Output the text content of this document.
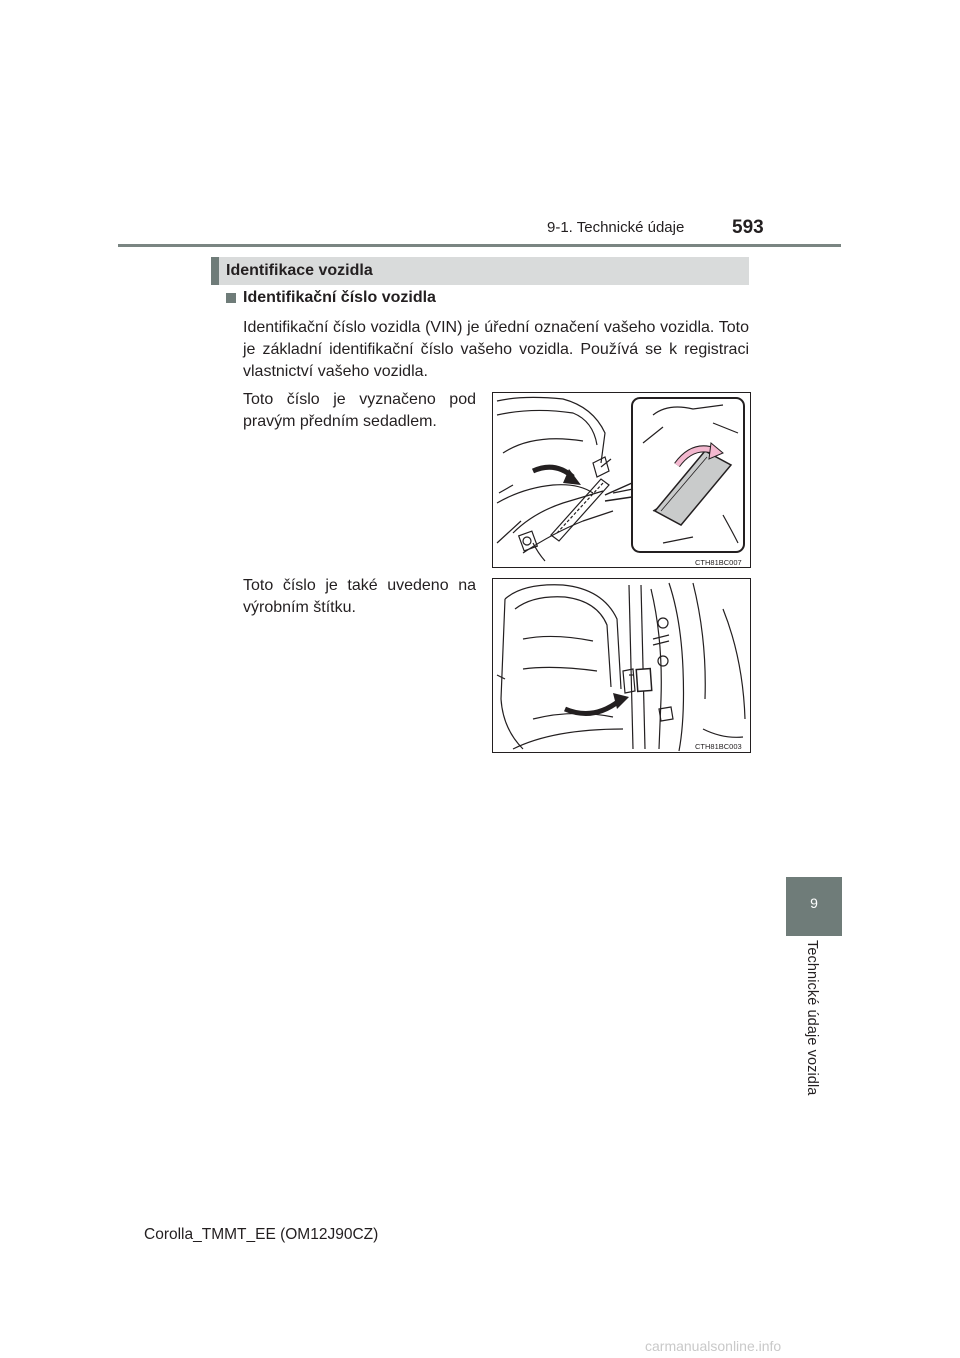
9-1. Technické údaje	593
9
Technické údaje vozidla
Identifikace vozidla
Identifikační číslo vozidla
Identifikační číslo vozidla (VIN) je úřední označení vašeho vozidla. Toto je základní identifikační číslo vašeho vozidla. Používá se k registraci vlastnictví vašeho vozidla.
Toto číslo je vyznačeno pod pravým předním sedadlem.
Toto číslo je také uvedeno na výrobním štítku.
CTH81BC007
CTH81BC003
Corolla_TMMT_EE (OM12J90CZ)
carmanualsonline.info
